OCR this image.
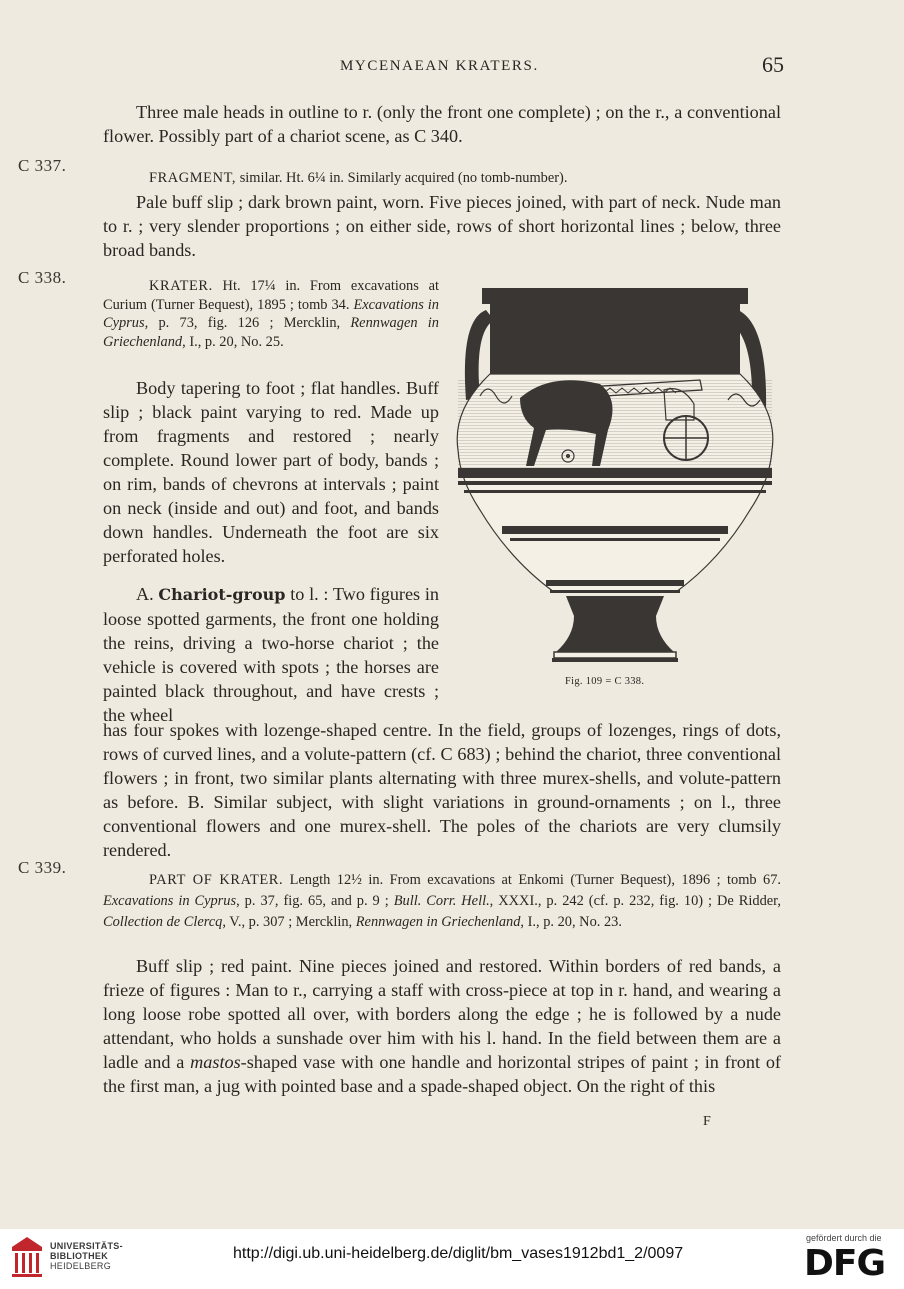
MYCENAEAN KRATERS.	65

Three male heads in outline to r. (only the front one complete) ; on the r., a conventional flower. Possibly part of a chariot scene, as C 340.

C 337.

FRAGMENT, similar. Ht. 6¼ in. Similarly acquired (no tomb-number).

Pale buff slip ; dark brown paint, worn. Five pieces joined, with part of neck. Nude man to r. ; very slender proportions ; on either side, rows of short horizontal lines ; below, three broad bands.

C 338.	KRATER. Ht. 17¼ in. From excavations at Curium (Turner Bequest), 1895 ; tomb 34. Excavations in Cyprus, p. 73, fig. 126 ; Mercklin, Rennwagen in Griechenland, I., p. 20, No. 25.

Body tapering to foot ; flat handles. Buff slip ; black paint varying to red. Made up from fragments and restored ; nearly complete. Round lower part of body, bands ; on rim, bands of chevrons at intervals ; paint on neck (inside and out) and foot, and bands down handles. Underneath the foot are six perforated holes.

A. Chariot-group to l. : Two figures in loose spotted garments, the front one holding the reins, driving a two-horse chariot ; the vehicle is covered with spots ; the horses are painted black throughout, and have crests ; the wheel

has four spokes with lozenge-shaped centre. In the field, groups of lozenges, rings of dots, rows of curved lines, and a volute-pattern (cf. C 683) ; behind the chariot, three conventional flowers ; in front, two similar plants alternating with three murex-shells, and volute-pattern as before. B. Similar subject, with slight variations in ground-ornaments ; on l., three conventional flowers and one murex-shell. The poles of the chariots are very clumsily rendered.

Fig. 109 = C 338.
C 339.

PART OF KRATER. Length 12½ in. From excavations at Enkomi (Turner Bequest), 1896 ; tomb 67. Excavations in Cyprus, p. 37, fig. 65, and p. 9 ; Bull. Corr. Hell., XXXI., p. 242 (cf. p. 232, fig. 10) ; De Ridder, Collection de Clercq, V., p. 307 ; Mercklin, Rennwagen in Griechenland, I., p. 20, No. 23.

Buff slip ; red paint. Nine pieces joined and restored. Within borders of red bands, a frieze of figures : Man to r., carrying a staff with cross-piece at top in r. hand, and wearing a long loose robe spotted all over, with borders along the edge ; he is followed by a nude attendant, who holds a sunshade over him with his l. hand. In the field between them are a ladle and a mastos-shaped vase with one handle and horizontal stripes of paint ; in front of the first man, a jug with pointed base and a spade-shaped object. On the right of this

F
UNIVERSITÄTS-
BIBLIOTHEK
HEIDELBERG
http://digi.ub.uni-heidelberg.de/diglit/bm_vases1912bd1_2/0097
gefördert durch die
DFG
